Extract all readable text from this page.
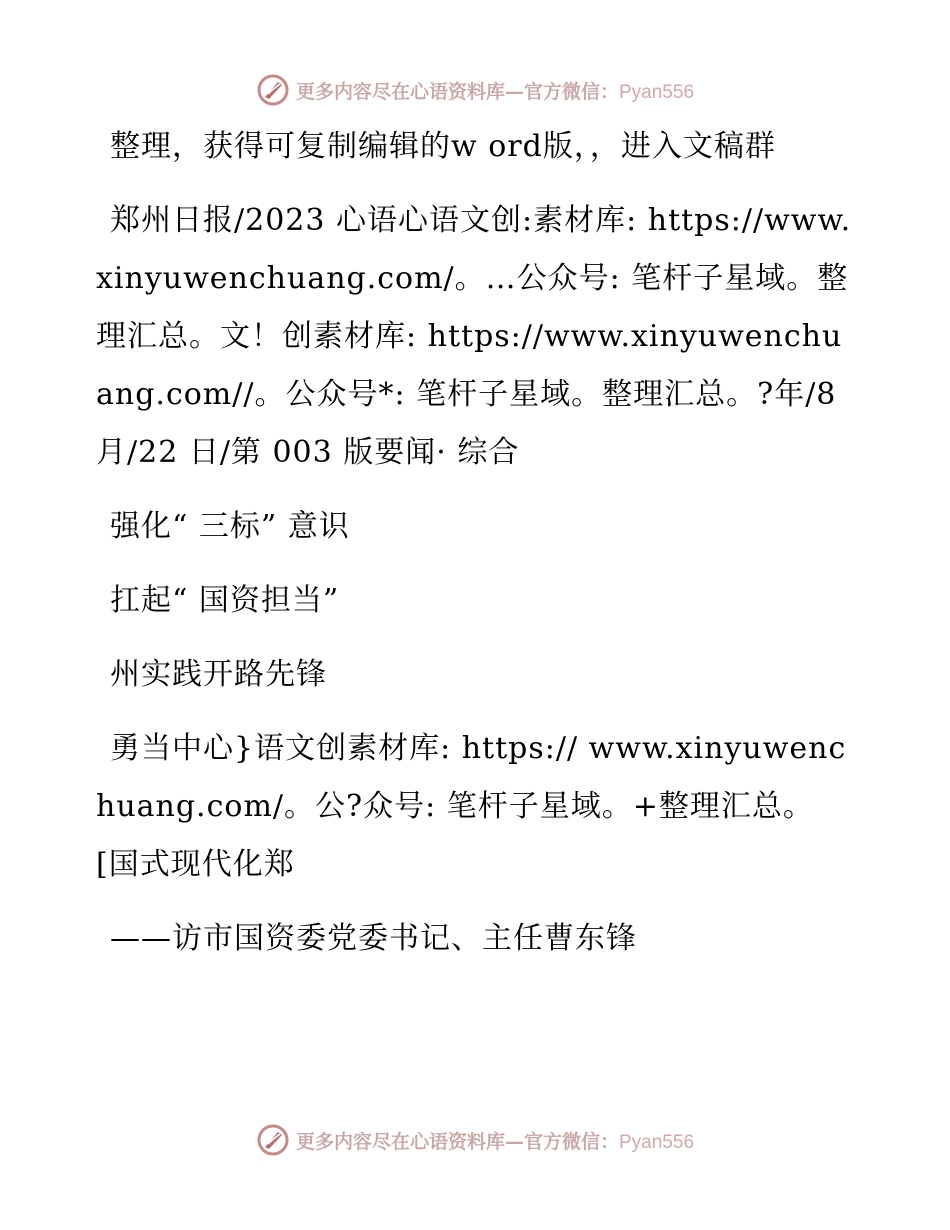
更多内容尽在心语资料库—官方微信：Pyan556

整理，获得可复制编辑的w ord版，，进入文稿群

郑州日报/2023 心语心语文创:素材库: https://www.xinyuwenchuang.com/。…公众号: 笔杆子星域。整理汇总。文！创素材库: https://www.xinyuwenchuang.com//。公众号*: 笔杆子星域。整理汇总。?年/8 月/22 日/第 003 版要闻· 综合

强化“ 三标” 意识

扛起“ 国资担当”

州实践开路先锋

勇当中心}语文创素材库: https:// www.xinyuwenchuang.com/。公?众号: 笔杆子星域。+整理汇总。[国式现代化郑

——访市国资委党委书记、主任曹东锋

更多内容尽在心语资料库—官方微信：Pyan556
